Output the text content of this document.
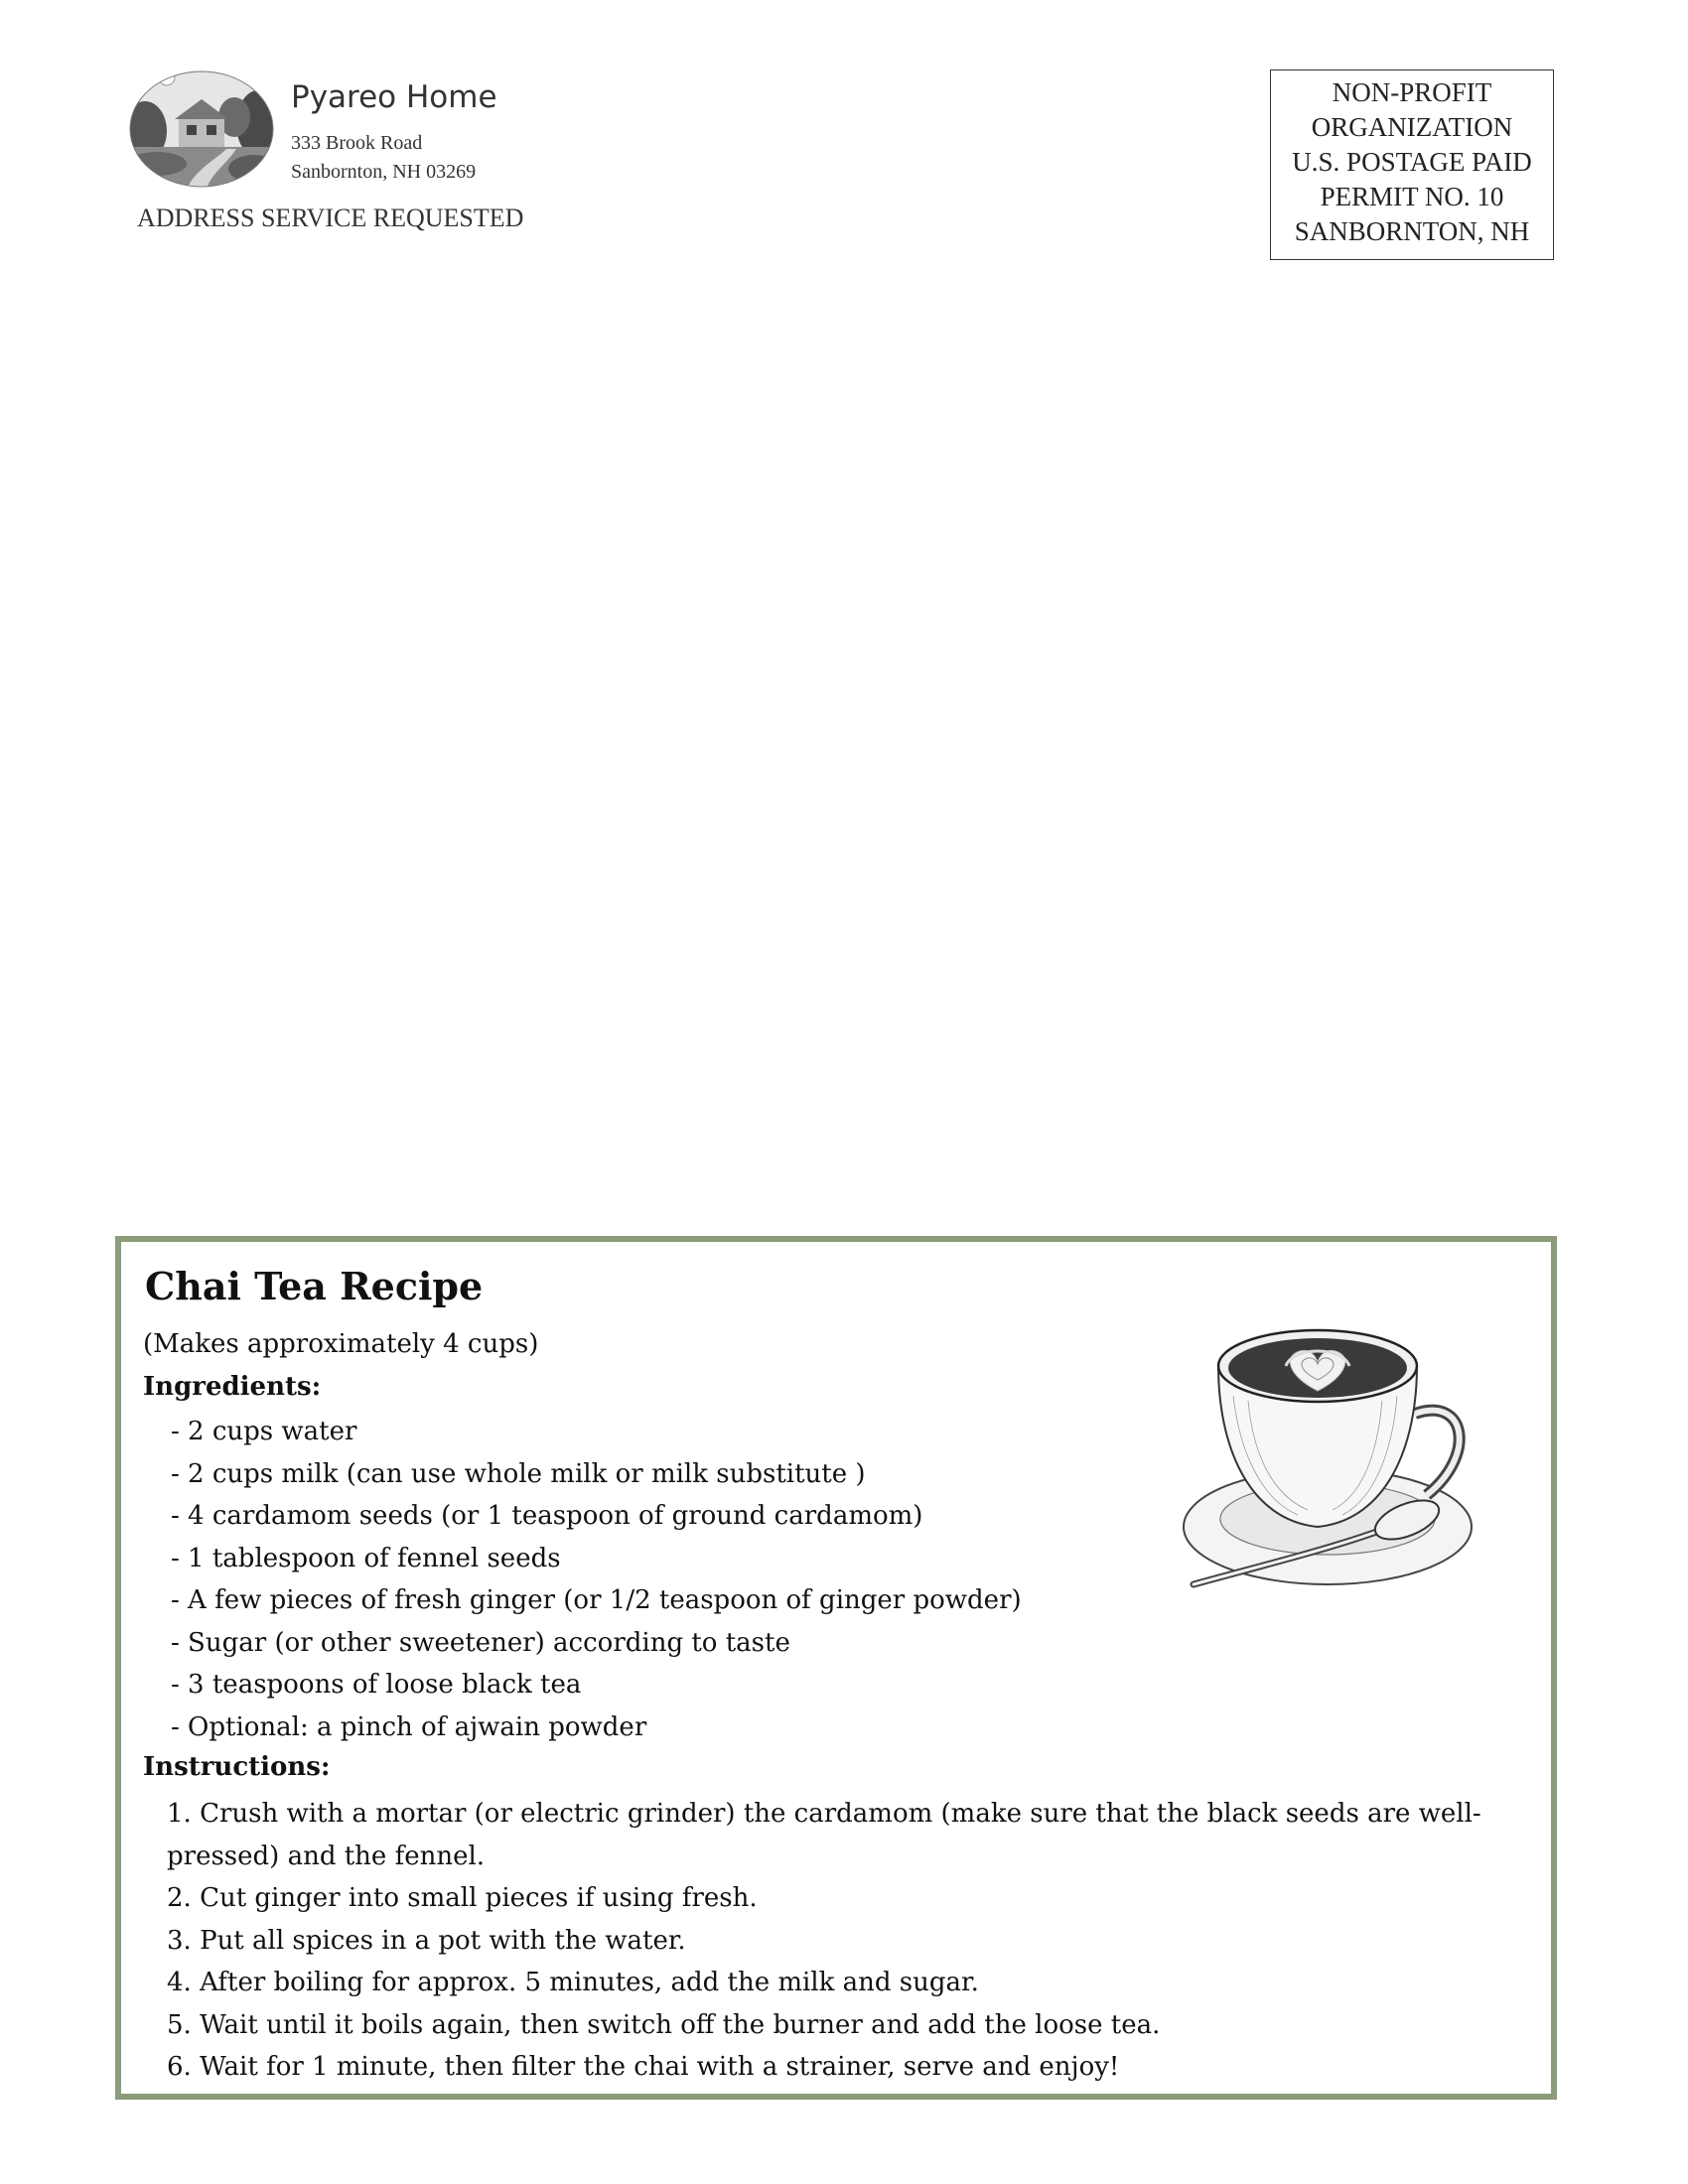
Pyareo Home
333 Brook Road
Sanbornton, NH 03269
ADDRESS SERVICE REQUESTED
NON-PROFIT
ORGANIZATION
U.S. POSTAGE PAID
PERMIT NO. 10
SANBORNTON, NH
Chai Tea Recipe
(Makes approximately 4 cups)
Ingredients:
- 2 cups water
- 2 cups milk (can use whole milk or milk substitute )
- 4 cardamom seeds (or 1 teaspoon of ground cardamom)
- 1 tablespoon of fennel seeds
- A few pieces of fresh ginger (or 1/2 teaspoon of ginger powder)
- Sugar (or other sweetener) according to taste
- 3 teaspoons of loose black tea
- Optional: a pinch of ajwain powder
Instructions:
1. Crush with a mortar (or electric grinder) the cardamom (make sure that the black seeds are well-pressed) and the fennel.
2. Cut ginger into small pieces if using fresh.
3. Put all spices in a pot with the water.
4. After boiling for approx. 5 minutes, add the milk and sugar.
5. Wait until it boils again, then switch off the burner and add the loose tea.
6. Wait for 1 minute, then filter the chai with a strainer, serve and enjoy!
